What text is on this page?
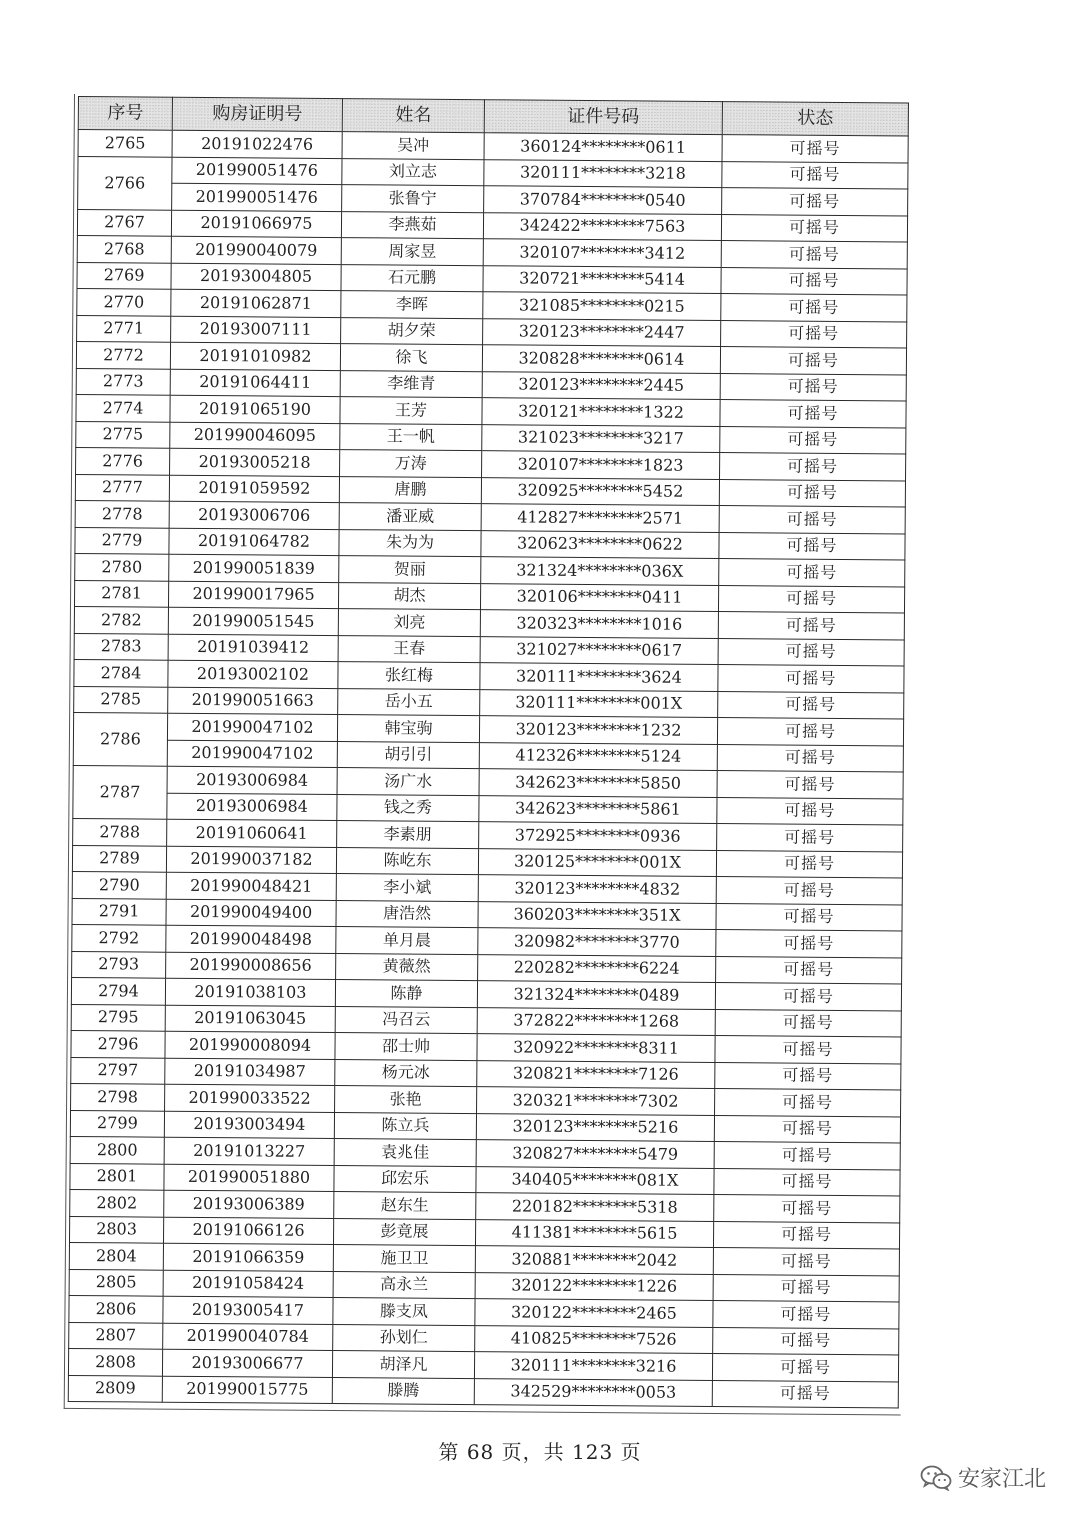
序号	购房证明号	姓名	证件号码	状态
2765	20191022476	吴冲	360124********0611	可摇号
2766	201990051476	刘立志	320111********3218	可摇号
	201990051476	张鲁宁	370784********0540	可摇号
2767	20191066975	李燕茹	342422********7563	可摇号
2768	201990040079	周家昱	320107********3412	可摇号
2769	20193004805	石元鹏	320721********5414	可摇号
2770	20191062871	李晖	321085********0215	可摇号
2771	20193007111	胡夕荣	320123********2447	可摇号
2772	20191010982	徐飞	320828********0614	可摇号
2773	20191064411	李维青	320123********2445	可摇号
2774	20191065190	王芳	320121********1322	可摇号
2775	201990046095	王一帆	321023********3217	可摇号
2776	20193005218	万涛	320107********1823	可摇号
2777	20191059592	唐鹏	320925********5452	可摇号
2778	20193006706	潘亚威	412827********2571	可摇号
2779	20191064782	朱为为	320623********0622	可摇号
2780	201990051839	贺丽	321324********036X	可摇号
2781	201990017965	胡杰	320106********0411	可摇号
2782	201990051545	刘亮	320323********1016	可摇号
2783	20191039412	王春	321027********0617	可摇号
2784	20193002102	张红梅	320111********3624	可摇号
2785	201990051663	岳小五	320111********001X	可摇号
2786	201990047102	韩宝驹	320123********1232	可摇号
	201990047102	胡引引	412326********5124	可摇号
2787	20193006984	汤广水	342623********5850	可摇号
	20193006984	钱之秀	342623********5861	可摇号
2788	20191060641	李素朋	372925********0936	可摇号
2789	201990037182	陈屹东	320125********001X	可摇号
2790	201990048421	李小斌	320123********4832	可摇号
2791	201990049400	唐浩然	360203********351X	可摇号
2792	201990048498	单月晨	320982********3770	可摇号
2793	201990008656	黄薇然	220282********6224	可摇号
2794	20191038103	陈静	321324********0489	可摇号
2795	20191063045	冯召云	372822********1268	可摇号
2796	201990008094	邵士帅	320922********8311	可摇号
2797	20191034987	杨元冰	320821********7126	可摇号
2798	201990033522	张艳	320321********7302	可摇号
2799	20193003494	陈立兵	320123********5216	可摇号
2800	20191013227	袁兆佳	320827********5479	可摇号
2801	201990051880	邱宏乐	340405********081X	可摇号
2802	20193006389	赵东生	220182********5318	可摇号
2803	20191066126	彭竟展	411381********5615	可摇号
2804	20191066359	施卫卫	320881********2042	可摇号
2805	20191058424	高永兰	320122********1226	可摇号
2806	20193005417	滕支凤	320122********2465	可摇号
2807	201990040784	孙划仁	410825********7526	可摇号
2808	20193006677	胡泽凡	320111********3216	可摇号
2809	201990015775	滕腾	342529********0053	可摇号
第 68 页，共 123 页
安家江北
